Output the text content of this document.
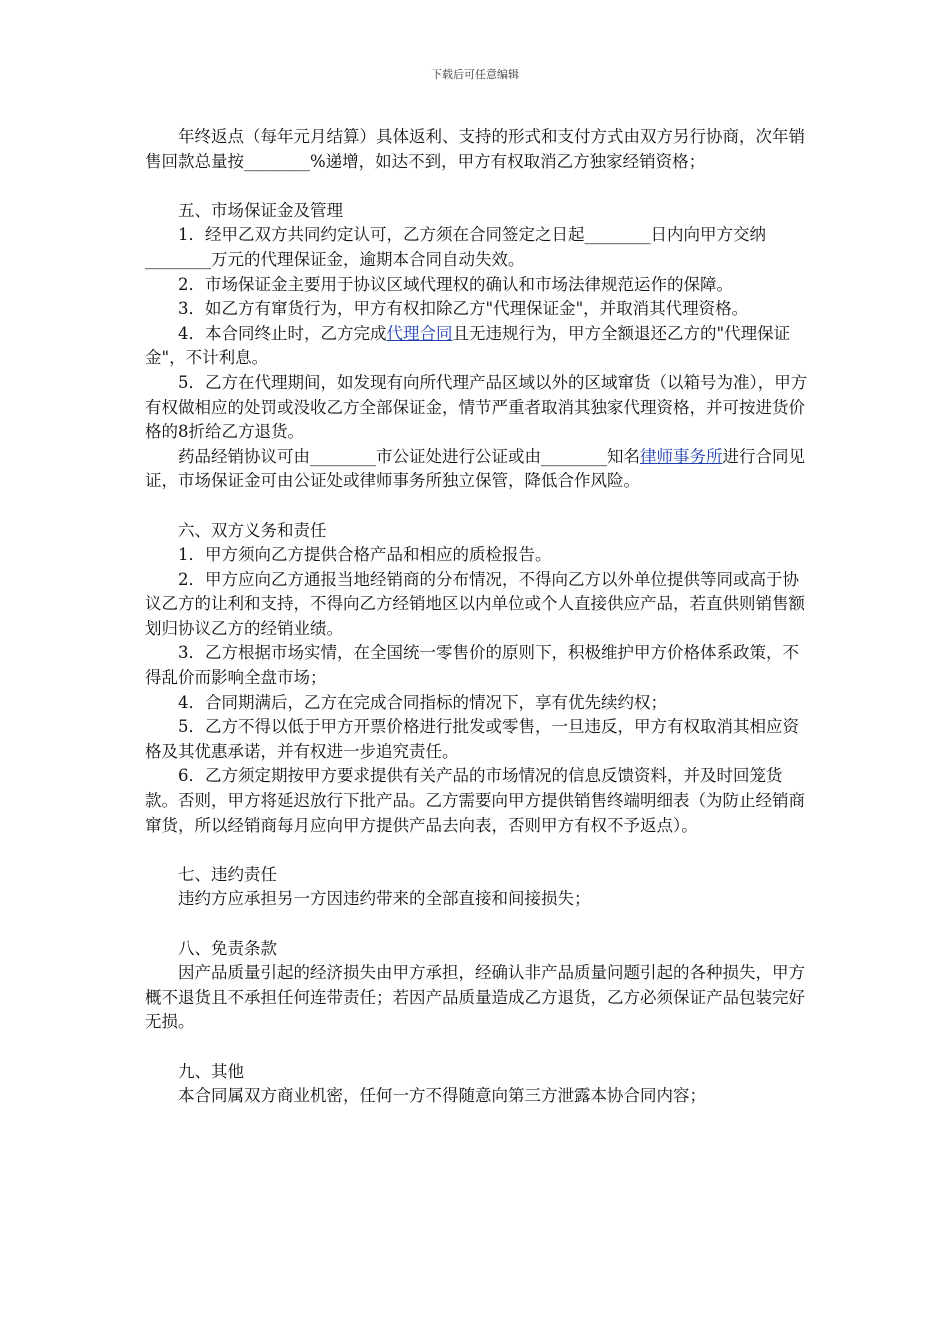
下载后可任意编辑

年终返点（每年元月结算）具体返利、支持的形式和支付方式由双方另行协商，次年销售回款总量按________%递增，如达不到，甲方有权取消乙方独家经销资格；

五、市场保证金及管理

1．经甲乙双方共同约定认可，乙方须在合同签定之日起________日内向甲方交纳________万元的代理保证金，逾期本合同自动失效。

2．市场保证金主要用于协议区域代理权的确认和市场法律规范运作的保障。

3．如乙方有窜货行为，甲方有权扣除乙方"代理保证金"，并取消其代理资格。

4．本合同终止时，乙方完成代理合同且无违规行为，甲方全额退还乙方的"代理保证金"，不计利息。

5．乙方在代理期间，如发现有向所代理产品区域以外的区域窜货（以箱号为准），甲方有权做相应的处罚或没收乙方全部保证金，情节严重者取消其独家代理资格，并可按进货价格的8折给乙方退货。

药品经销协议可由________市公证处进行公证或由________知名律师事务所进行合同见证，市场保证金可由公证处或律师事务所独立保管，降低合作风险。

六、双方义务和责任

1．甲方须向乙方提供合格产品和相应的质检报告。

2．甲方应向乙方通报当地经销商的分布情况，不得向乙方以外单位提供等同或高于协议乙方的让利和支持，不得向乙方经销地区以内单位或个人直接供应产品，若直供则销售额划归协议乙方的经销业绩。

3．乙方根据市场实情，在全国统一零售价的原则下，积极维护甲方价格体系政策，不得乱价而影响全盘市场；

4．合同期满后，乙方在完成合同指标的情况下，享有优先续约权；

5．乙方不得以低于甲方开票价格进行批发或零售，一旦违反，甲方有权取消其相应资格及其优惠承诺，并有权进一步追究责任。

6．乙方须定期按甲方要求提供有关产品的市场情况的信息反馈资料，并及时回笼货款。否则，甲方将延迟放行下批产品。乙方需要向甲方提供销售终端明细表（为防止经销商窜货，所以经销商每月应向甲方提供产品去向表，否则甲方有权不予返点）。

七、违约责任

违约方应承担另一方因违约带来的全部直接和间接损失；

八、免责条款

因产品质量引起的经济损失由甲方承担，经确认非产品质量问题引起的各种损失，甲方概不退货且不承担任何连带责任；若因产品质量造成乙方退货，乙方必须保证产品包装完好无损。

九、其他

本合同属双方商业机密，任何一方不得随意向第三方泄露本协合同内容；
